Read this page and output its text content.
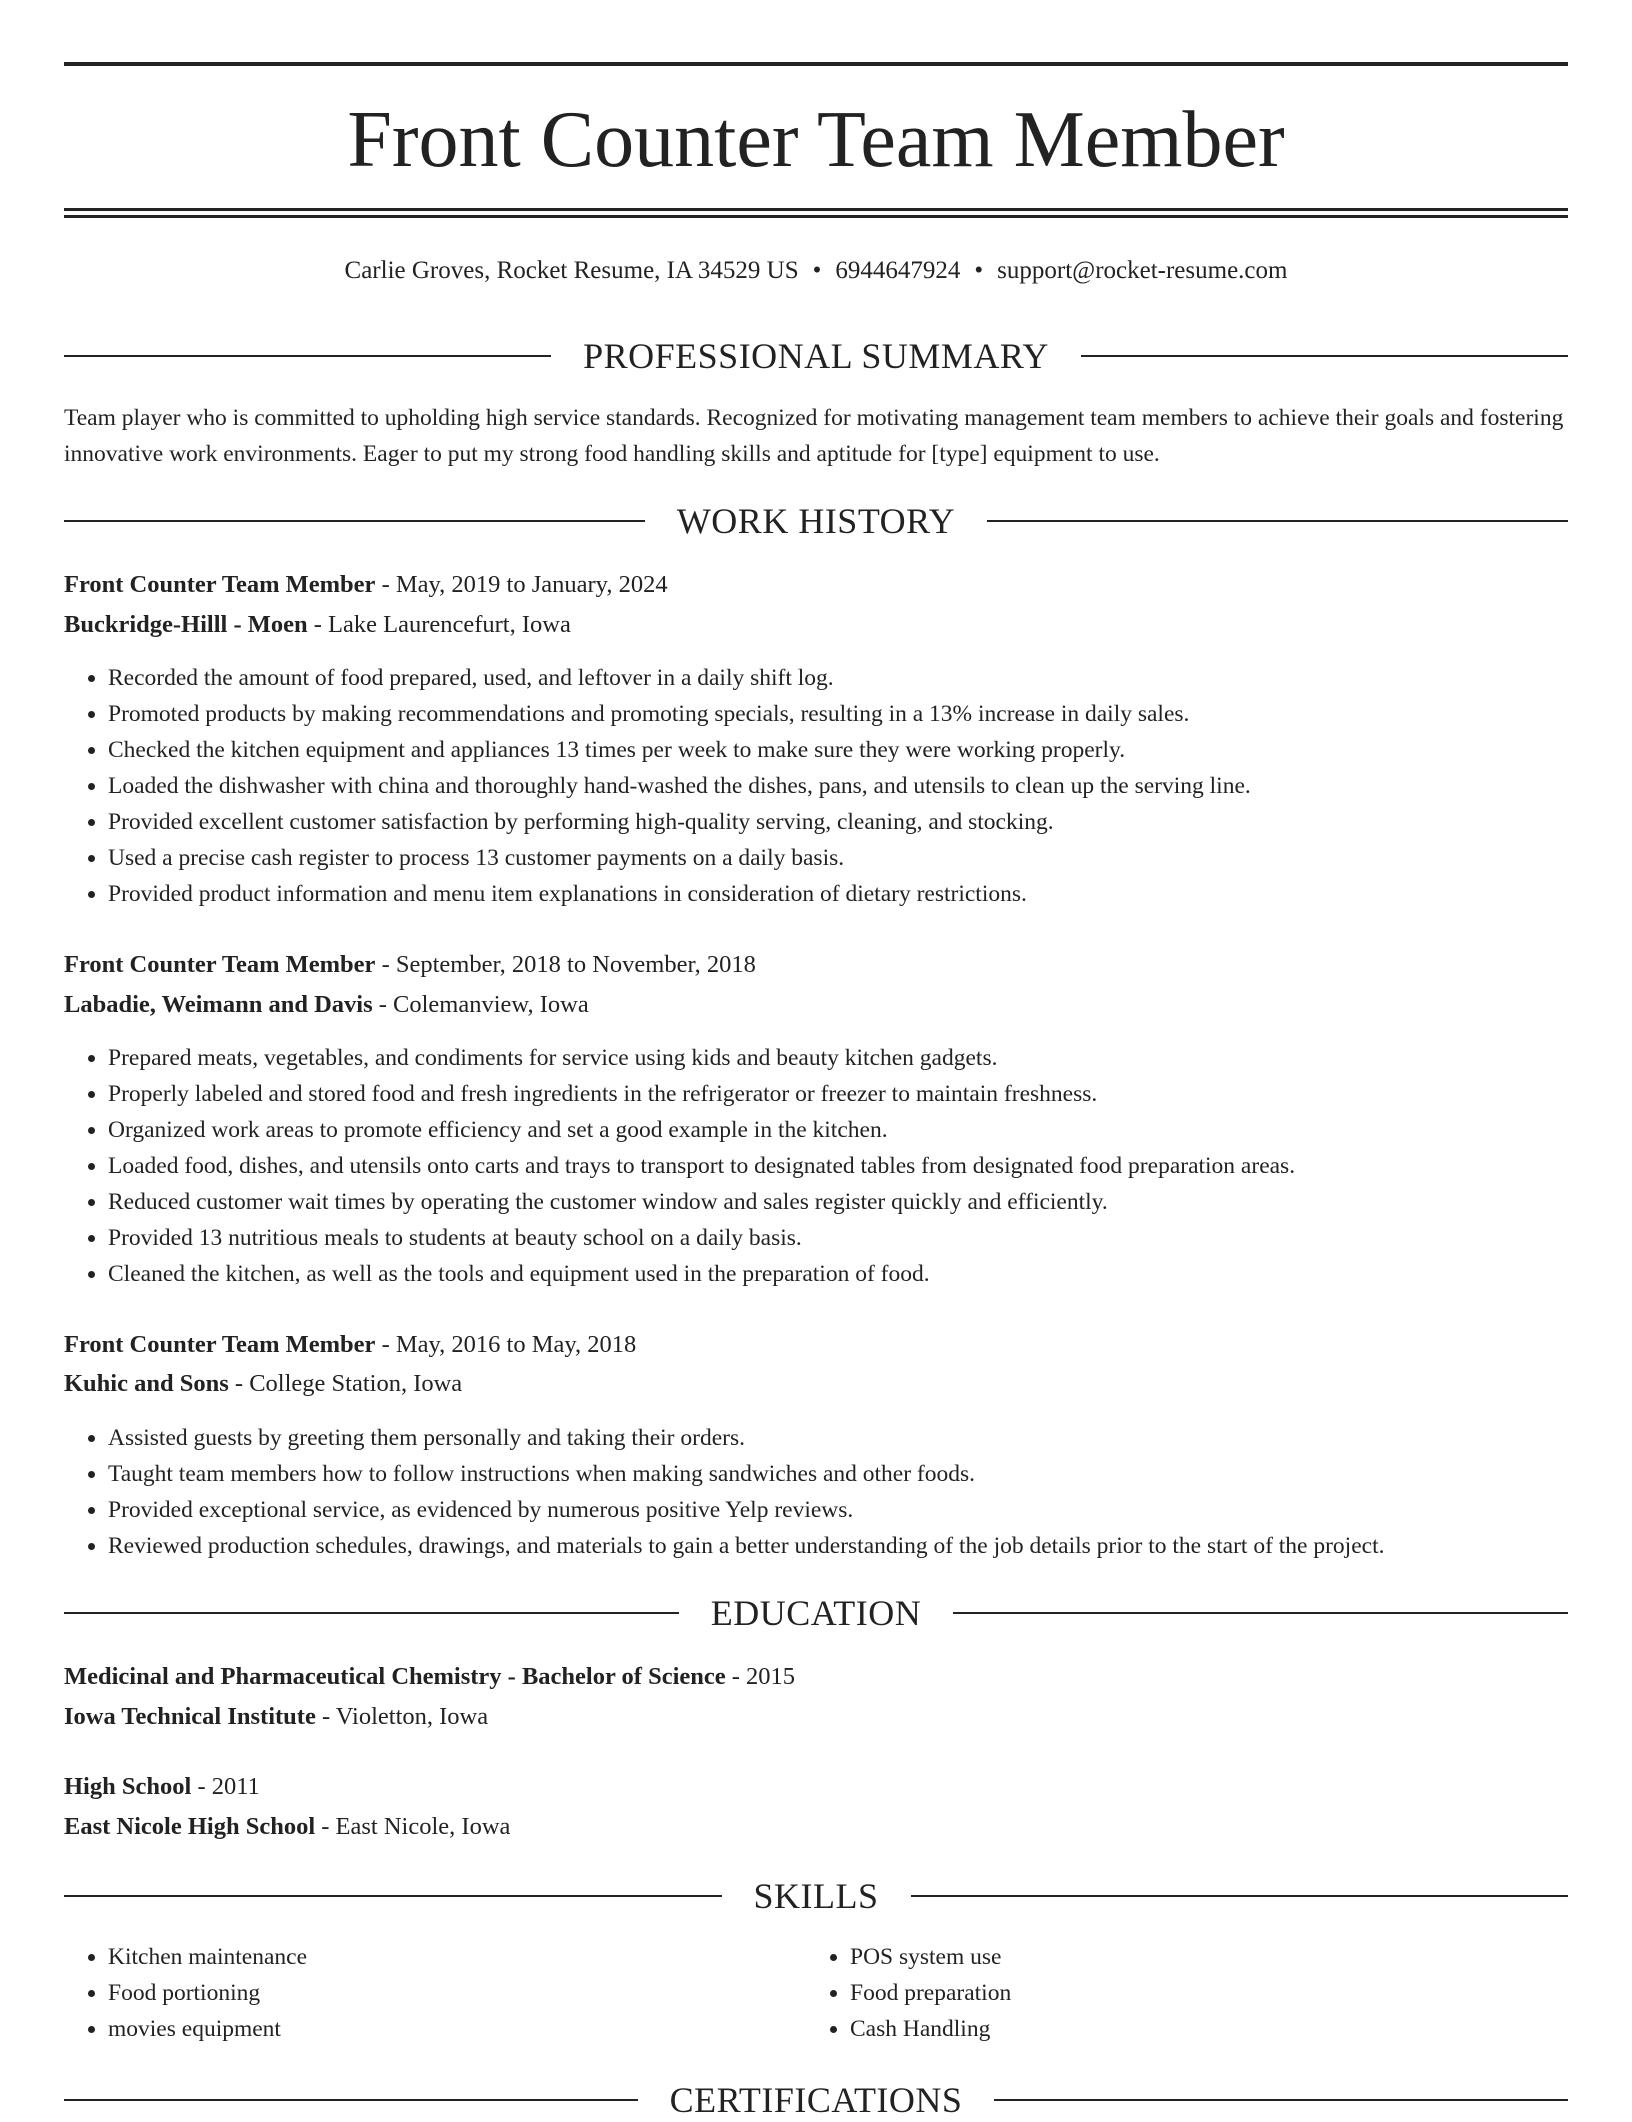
Front Counter Team Member
Carlie Groves, Rocket Resume, IA 34529 US • 6944647924 • support@rocket-resume.com
PROFESSIONAL SUMMARY
Team player who is committed to upholding high service standards. Recognized for motivating management team members to achieve their goals and fostering innovative work environments. Eager to put my strong food handling skills and aptitude for [type] equipment to use.
WORK HISTORY
Front Counter Team Member - May, 2019 to January, 2024
Buckridge-Hilll - Moen - Lake Laurencefurt, Iowa
• Recorded the amount of food prepared, used, and leftover in a daily shift log.
• Promoted products by making recommendations and promoting specials, resulting in a 13% increase in daily sales.
• Checked the kitchen equipment and appliances 13 times per week to make sure they were working properly.
• Loaded the dishwasher with china and thoroughly hand-washed the dishes, pans, and utensils to clean up the serving line.
• Provided excellent customer satisfaction by performing high-quality serving, cleaning, and stocking.
• Used a precise cash register to process 13 customer payments on a daily basis.
• Provided product information and menu item explanations in consideration of dietary restrictions.
Front Counter Team Member - September, 2018 to November, 2018
Labadie, Weimann and Davis - Colemanview, Iowa
• Prepared meats, vegetables, and condiments for service using kids and beauty kitchen gadgets.
• Properly labeled and stored food and fresh ingredients in the refrigerator or freezer to maintain freshness.
• Organized work areas to promote efficiency and set a good example in the kitchen.
• Loaded food, dishes, and utensils onto carts and trays to transport to designated tables from designated food preparation areas.
• Reduced customer wait times by operating the customer window and sales register quickly and efficiently.
• Provided 13 nutritious meals to students at beauty school on a daily basis.
• Cleaned the kitchen, as well as the tools and equipment used in the preparation of food.
Front Counter Team Member - May, 2016 to May, 2018
Kuhic and Sons - College Station, Iowa
• Assisted guests by greeting them personally and taking their orders.
• Taught team members how to follow instructions when making sandwiches and other foods.
• Provided exceptional service, as evidenced by numerous positive Yelp reviews.
• Reviewed production schedules, drawings, and materials to gain a better understanding of the job details prior to the start of the project.
EDUCATION
Medicinal and Pharmaceutical Chemistry - Bachelor of Science - 2015
Iowa Technical Institute - Violetton, Iowa
High School - 2011
East Nicole High School - East Nicole, Iowa
SKILLS
• Kitchen maintenance
• Food portioning
• movies equipment
• POS system use
• Food preparation
• Cash Handling
CERTIFICATIONS
